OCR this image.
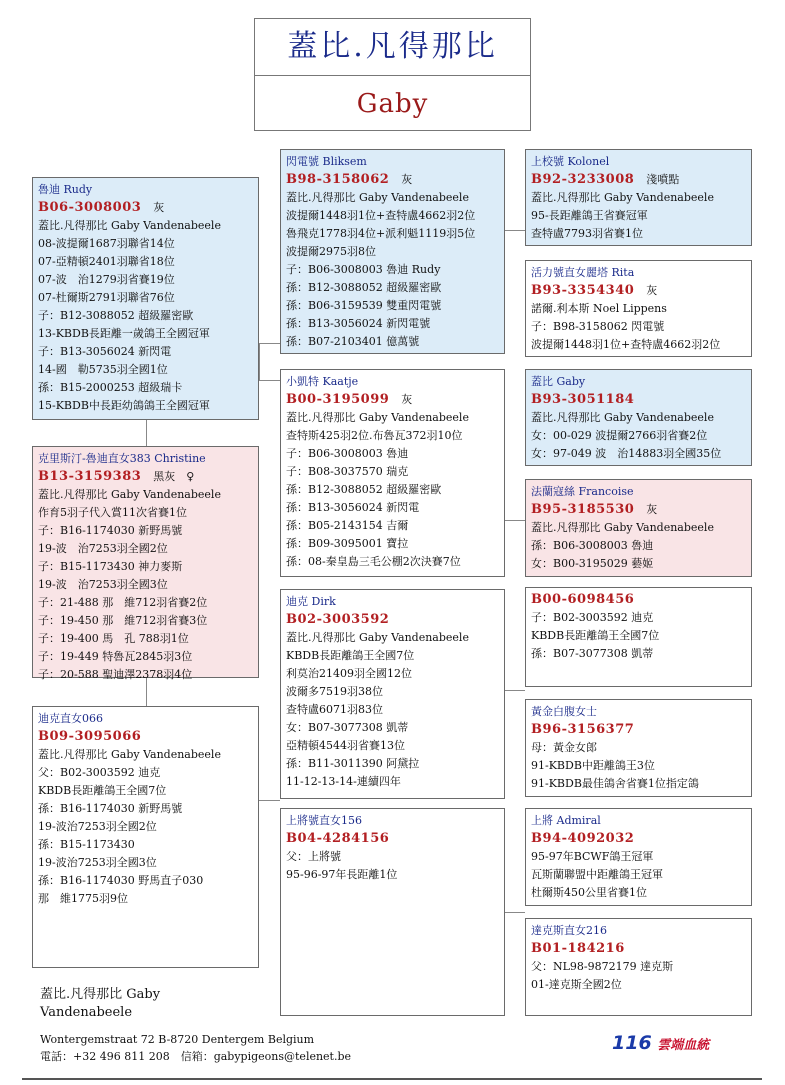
蓋比.凡得那比
Gaby
魯迪 Rudy
B06-3008003 灰
蓋比.凡得那比 Gaby Vandenabeele
08-波提爾1687羽聯省14位
07-亞精頓2401羽聯省18位
07-波　治1279羽省賽19位
07-杜爾斯2791羽聯省76位
子：B12-3088052 超級羅密歐
13-KBDB長距離一歲鴿王全國冠軍
子：B13-3056024 新閃電
14-國　勒5735羽全國1位
孫：B15-2000253 超級瑞卡
15-KBDB中長距幼鴿鴿王全國冠軍
克里斯汀-魯迪直女383 Christine
B13-3159383 黑灰　♀
蓋比.凡得那比 Gaby Vandenabeele
作育5羽子代入賞11次省賽1位
子：B16-1174030 新野馬號
19-波　治7253羽全國2位
子：B15-1173430 神力麥斯
19-波　治7253羽全國3位
子：21-488 那　維712羽省賽2位
子：19-450 那　維712羽省賽3位
子：19-400 馬　孔 788羽1位
子：19-449 特魯瓦2845羽3位
子：20-588 聖迪澤2378羽4位
迪克直女066
B09-3095066
蓋比.凡得那比 Gaby Vandenabeele
父：B02-3003592 迪克
KBDB長距離鴿王全國7位
孫：B16-1174030 新野馬號
19-波治7253羽全國2位
孫：B15-1173430
19-波治7253羽全國3位
孫：B16-1174030 野馬直子030
那　維1775羽9位
閃電號 Bliksem
B98-3158062 灰
蓋比.凡得那比 Gaby Vandenabeele
波提爾1448羽1位+查特盧4662羽2位
魯飛克1778羽4位+派利魁1119羽5位
波提爾2975羽8位
子：B06-3008003 魯迪 Rudy
孫：B12-3088052 超級羅密歐
孫：B06-3159539 雙重閃電號
孫：B13-3056024 新閃電號
孫：B07-2103401 億萬號
小凱特 Kaatje
B00-3195099 灰
蓋比.凡得那比 Gaby Vandenabeele
查特斯425羽2位.布魯瓦372羽10位
子：B06-3008003 魯迪
子：B08-3037570 瑞克
孫：B12-3088052 超級羅密歐
孫：B13-3056024 新閃電
孫：B05-2143154 吉爾
孫：B09-3095001 寶拉
孫：08-秦皇島三毛公棚2次決賽7位
迪克 Dirk
B02-3003592
蓋比.凡得那比 Gaby Vandenabeele
KBDB長距離鴿王全國7位
利莫治21409羽全國12位
波爾多7519羽38位
查特盧6071羽83位
女：B07-3077308 凱蒂
亞精頓4544羽省賽13位
孫：B11-3011390 阿黛拉
11-12-13-14-連續四年
上將號直女156
B04-4284156
父：上將號
95-96-97年長距離1位
上校號 Kolonel
B92-3233008 淺噴點
蓋比.凡得那比 Gaby Vandenabeele
95-長距離鴿王省賽冠軍
查特盧7793羽省賽1位
活力號直女麗塔 Rita
B93-3354340 灰
諾爾.利本斯 Noel Lippens
子：B98-3158062 閃電號
波提爾1448羽1位+查特盧4662羽2位
蓋比 Gaby
B93-3051184
蓋比.凡得那比 Gaby Vandenabeele
女：00-029 波提爾2766羽省賽2位
女：97-049 波　治14883羽全國35位
法蘭寇絲 Francoise
B95-3185530 灰
蓋比.凡得那比 Gaby Vandenabeele
孫：B06-3008003 魯迪
女：B00-3195029 藝姬
B00-6098456
子：B02-3003592 迪克
KBDB長距離鴿王全國7位
孫：B07-3077308 凱蒂
黃金白腹女士
B96-3156377
母：黃金女郎
91-KBDB中距離鴿王3位
91-KBDB最佳鴿舍省賽1位指定鴿
上將 Admiral
B94-4092032
95-97年BCWF鴿王冠軍
瓦斯蘭聯盟中距離鴿王冠軍
杜爾斯450公里省賽1位
達克斯直女216
B01-184216
父：NL98-9872179 達克斯
01-達克斯全國2位
蓋比.凡得那比 Gaby
Vandenabeele
Wontergemstraat 72 B-8720 Dentergem Belgium
電話：+32 496 811 208　信箱：gabypigeons@telenet.be
116 雲端血統
